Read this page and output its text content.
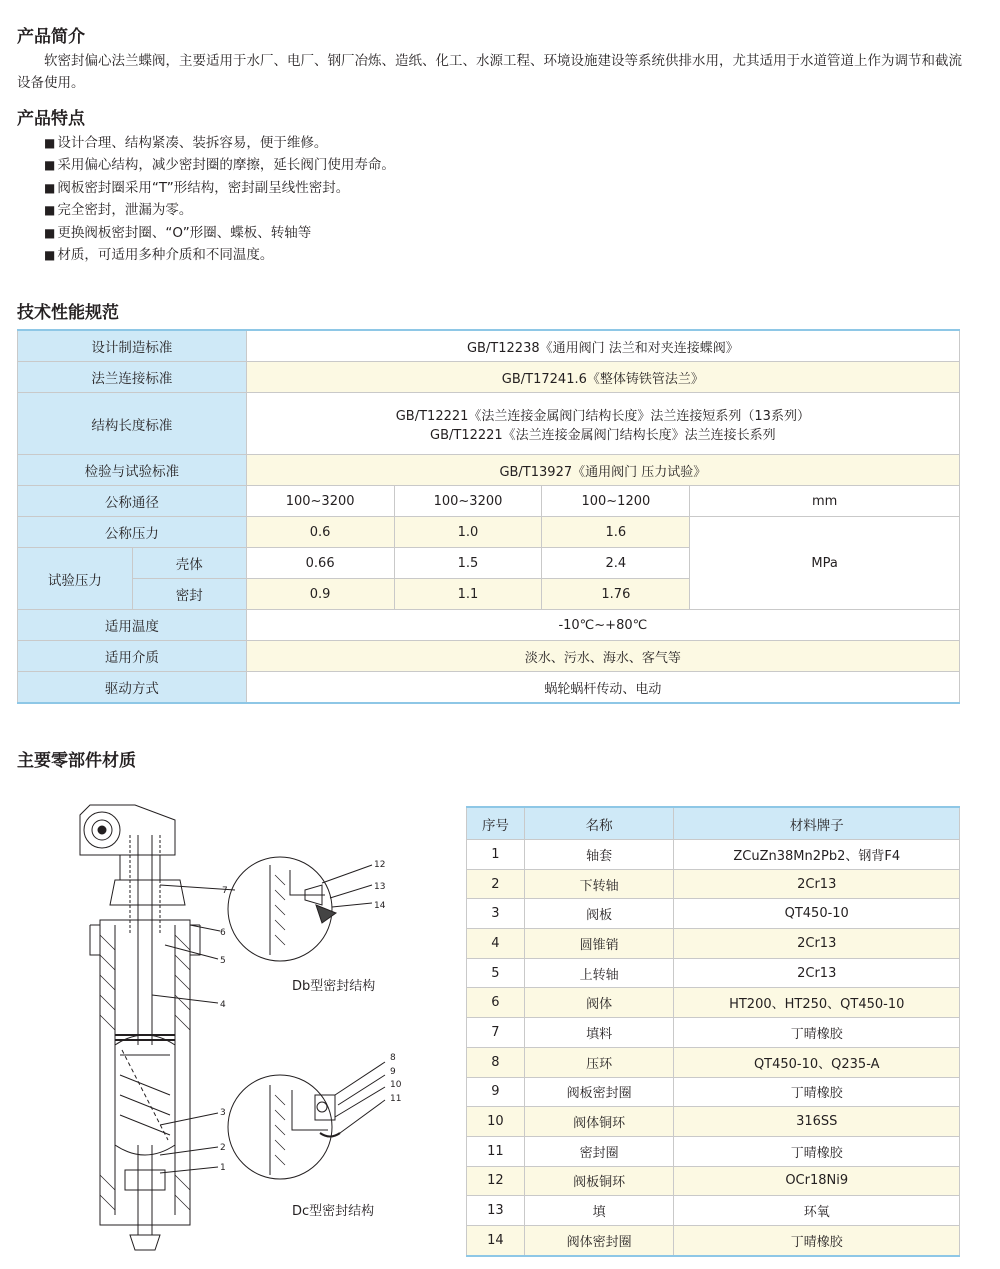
产品简介

软密封偏心法兰蝶阀，主要适用于水厂、电厂、钢厂冶炼、造纸、化工、水源工程、环境设施建设等系统供排水用，尤其适用于水道管道上作为调节和截流设备使用。

产品特点
■ 设计合理、结构紧凑、装拆容易，便于维修。
■ 采用偏心结构，减少密封圈的摩擦，延长阀门使用寿命。
■ 阀板密封圈采用“T”形结构，密封副呈线性密封。
■ 完全密封，泄漏为零。
■ 更换阀板密封圈、“O”形圈、蝶板、转轴等
■ 材质，可适用多种介质和不同温度。
技术性能规范
设计制造标准		GB/T12238《通用阀门 法兰和对夹连接蝶阀》			
法兰连接标准		GB/T17241.6《整体铸铁管法兰》			
结构长度标准		GB/T12221《法兰连接金属阀门结构长度》法兰连接短系列（13系列）
GB/T12221《法兰连接金属阀门结构长度》法兰连接长系列			

检验与试验标准		GB/T13927《通用阀门 压力试验》			
公称通径		100~3200	100~3200	100~1200	mm
公称压力		0.6	1.0	1.6	MPa
试验压力	壳体	0.66	1.5	2.4	
	密封	0.9	1.1	1.76	
适用温度		-10℃~+80℃			
适用介质		淡水、污水、海水、客气等			
驱动方式		蜗轮蜗杆传动、电动			
主要零部件材质
7
6
5
4
3
2
1
12
13
14
8
9
10
11
Db型密封结构
Dc型密封结构
序号	名称	材料牌子
1	轴套	ZCuZn38Mn2Pb2、钢背F4
2	下转轴	2Cr13
3	阀板	QT450-10
4	圆锥销	2Cr13
5	上转轴	2Cr13
6	阀体	HT200、HT250、QT450-10
7	填料	丁晴橡胶
8	压环	QT450-10、Q235-A
9	阀板密封圈	丁晴橡胶
10	阀体铜环	316SS
11	密封圈	丁晴橡胶
12	阀板铜环	OCr18Ni9
13	填	环氧
14	阀体密封圈	丁晴橡胶
